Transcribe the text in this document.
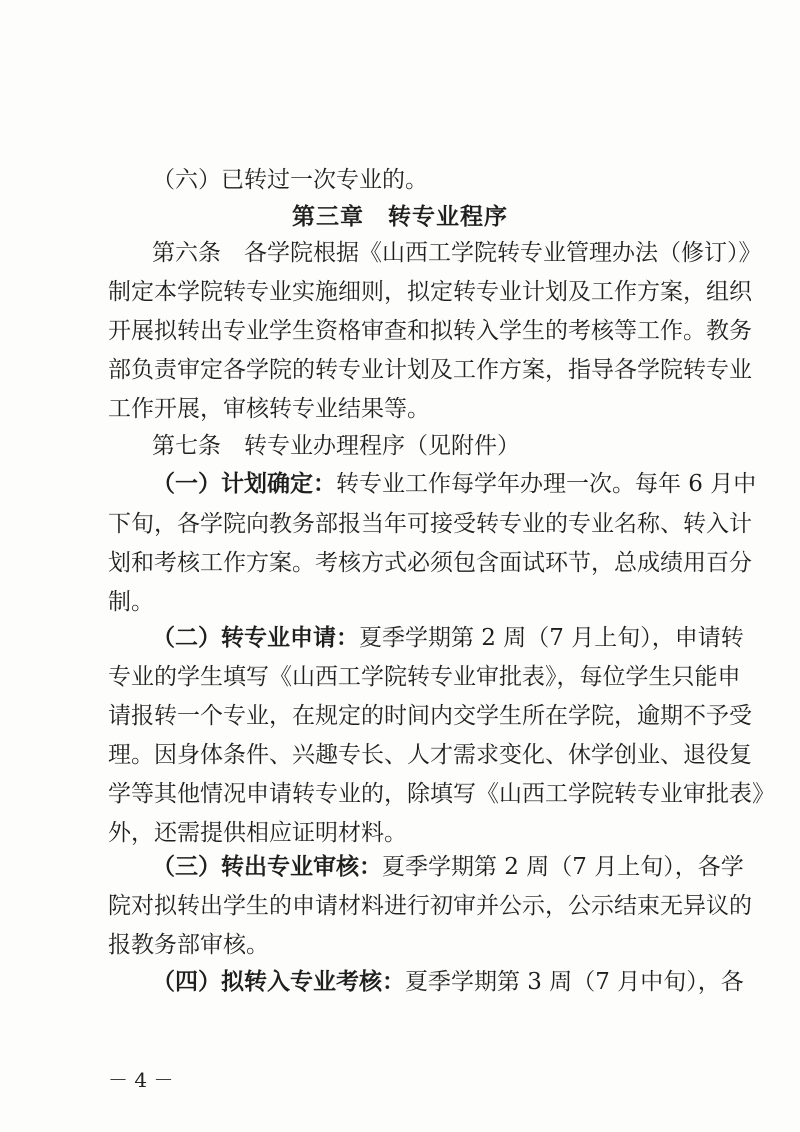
（六）已转过一次专业的。
第三章　转专业程序
第六条　各学院根据《山西工学院转专业管理办法（修订）》
制定本学院转专业实施细则，拟定转专业计划及工作方案，组织
开展拟转出专业学生资格审查和拟转入学生的考核等工作。教务
部负责审定各学院的转专业计划及工作方案，指导各学院转专业
工作开展，审核转专业结果等。
第七条　转专业办理程序（见附件）
（一）计划确定：转专业工作每学年办理一次。每年 6 月中
下旬，各学院向教务部报当年可接受转专业的专业名称、转入计
划和考核工作方案。考核方式必须包含面试环节，总成绩用百分
制。
（二）转专业申请：夏季学期第 2 周（7 月上旬），申请转
专业的学生填写《山西工学院转专业审批表》，每位学生只能申
请报转一个专业，在规定的时间内交学生所在学院，逾期不予受
理。因身体条件、兴趣专长、人才需求变化、休学创业、退役复
学等其他情况申请转专业的，除填写《山西工学院转专业审批表》
外，还需提供相应证明材料。
（三）转出专业审核：夏季学期第 2 周（7 月上旬），各学
院对拟转出学生的申请材料进行初审并公示，公示结束无异议的
报教务部审核。
（四）拟转入专业考核：夏季学期第 3 周（7 月中旬），各
－ 4 －
